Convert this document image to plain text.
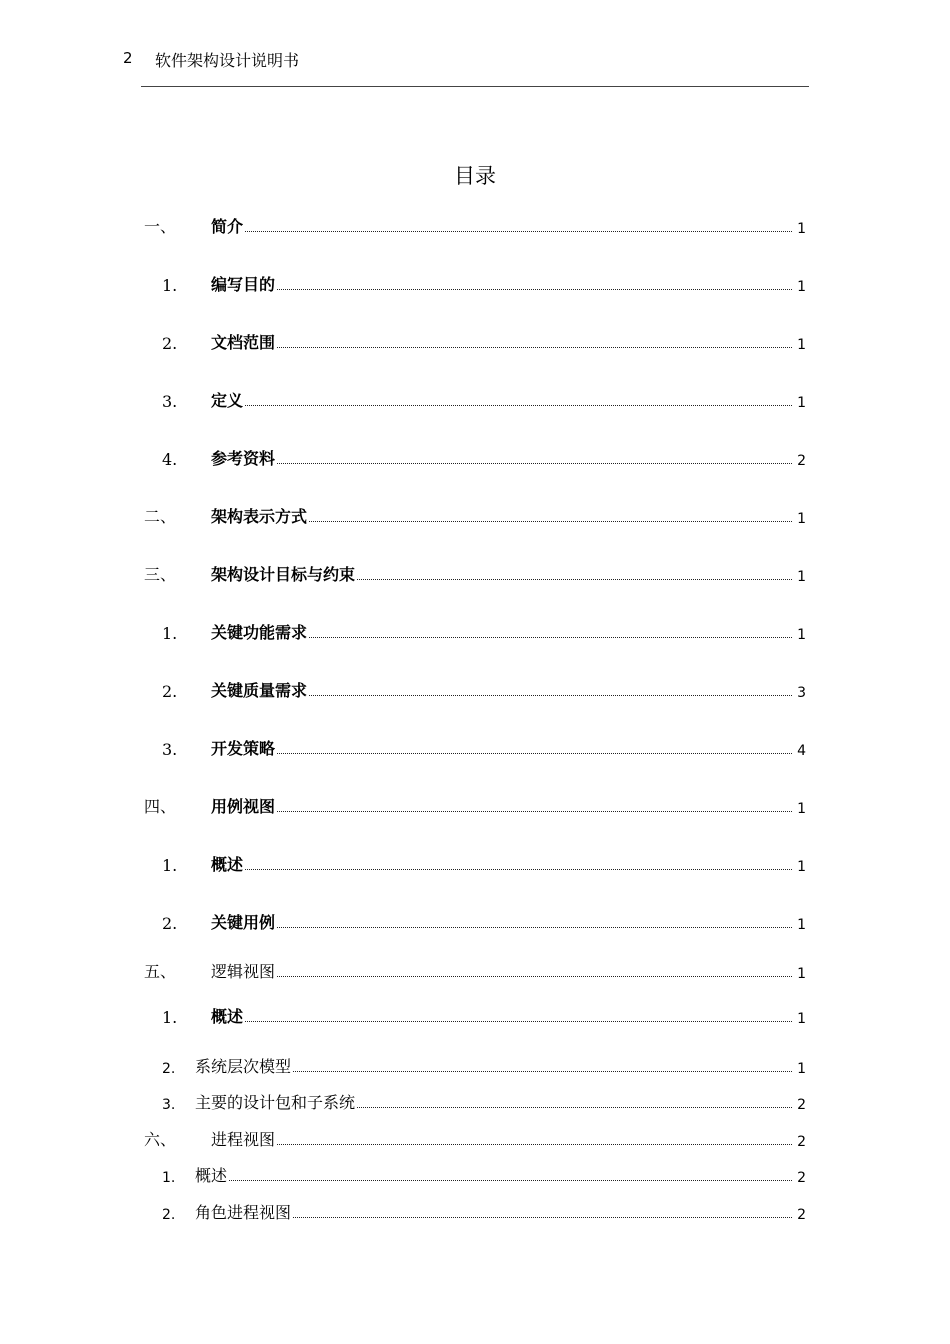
2 软件架构设计说明书
目录
一、	简介	1
1.	编写目的	1
2.	文档范围	1
3.	定义	1
4.	参考资料	2
二、	架构表示方式	1
三、	架构设计目标与约束	1
1.	关键功能需求	1
2.	关键质量需求	3
3.	开发策略	4
四、	用例视图	1
1.	概述	1
2.	关键用例	1
五、	逻辑视图	1
1.	概述	1
2.	系统层次模型	1
3.	主要的设计包和子系统	2
六、	进程视图	2
1.	概述	2
2.	角色进程视图	2
